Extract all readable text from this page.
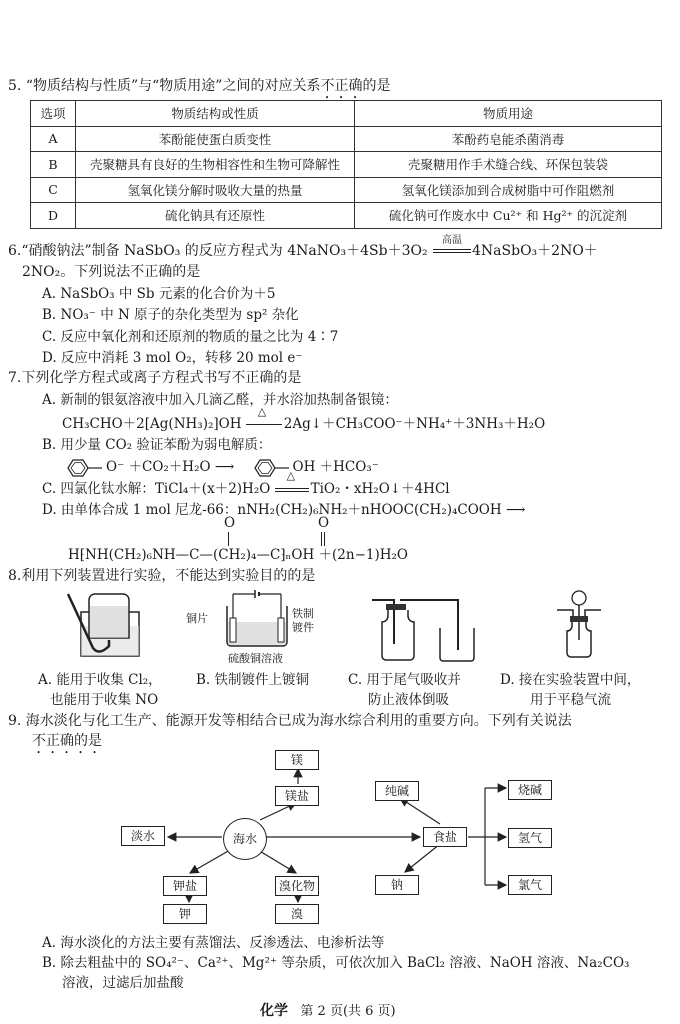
5. “物质结构与性质”与“物质用途”之间的对应关系不正确的是
选项	物质结构或性质	物质用途
A	苯酚能使蛋白质变性	苯酚药皂能杀菌消毒
B	壳聚糖具有良好的生物相容性和生物可降解性	壳聚糖用作手术缝合线、环保包装袋
C	氢氧化镁分解时吸收大量的热量	氢氧化镁添加到合成树脂中可作阻燃剂
D	硫化钠具有还原性	硫化钠可作废水中 Cu²⁺ 和 Hg²⁺ 的沉淀剂
6.“硝酸钠法”制备 NaSbO₃ 的反应方程式为 4NaNO₃＋4Sb＋3O₂
高温
4NaSbO₃＋2NO＋
2NO₂。下列说法不正确的是
A. NaSbO₃ 中 Sb 元素的化合价为＋5
B. NO₃⁻ 中 N 原子的杂化类型为 sp² 杂化
C. 反应中氧化剂和还原剂的物质的量之比为 4∶7
D. 反应中消耗 3 mol O₂，转移 20 mol e⁻
7.下列化学方程式或离子方程式书写不正确的是
A. 新制的银氨溶液中加入几滴乙醛，并水浴加热制备银镜：
CH₃CHO＋2[Ag(NH₃)₂]OH
△
2Ag↓＋CH₃COO⁻＋NH₄⁺＋3NH₃＋H₂O
B. 用少量 CO₂ 验证苯酚为弱电解质：
O⁻ ＋CO₂＋H₂O ⟶	OH ＋HCO₃⁻
C. 四氯化钛水解：TiCl₄＋(x＋2)H₂O
△
TiO₂・xH₂O↓＋4HCl
D. 由单体合成 1 mol 尼龙-66：nNH₂(CH₂)₆NH₂＋nHOOC(CH₂)₄COOH ⟶
O	O
H⁅NH(CH₂)₆NH—C—(CH₂)₄—C⁆ₙOH ＋(2n−1)H₂O
8.利用下列装置进行实验，不能达到实验目的的是
铜片	铁制
镀件
硫酸铜溶液
A. 能用于收集 Cl₂，
也能用于收集 NO
B. 铁制镀件上镀铜	C. 用于尾气吸收并
防止液体倒吸
D. 接在实验装置中间，
用于平稳气流
9. 海水淡化与化工生产、能源开发等相结合已成为海水综合利用的重要方向。下列有关说法
不正确的是
海水
镁
镁盐
淡水
钾盐
钾
溴化物
溴
食盐
纯碱
钠
烧碱
氢气
氯气
A. 海水淡化的方法主要有蒸馏法、反渗透法、电渗析法等
B. 除去粗盐中的 SO₄²⁻、Ca²⁺、Mg²⁺ 等杂质，可依次加入 BaCl₂ 溶液、NaOH 溶液、Na₂CO₃
溶液，过滤后加盐酸
化学 第 2 页(共 6 页)
